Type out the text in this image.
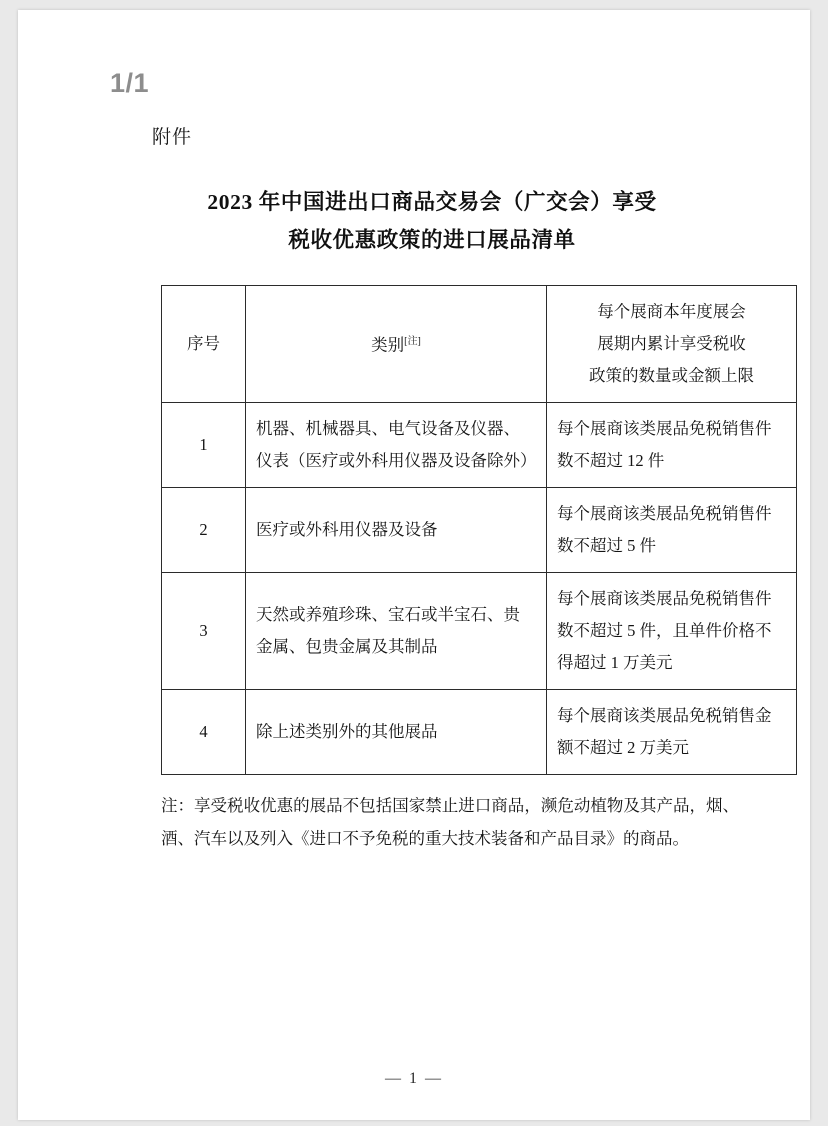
1/1
附件
2023 年中国进出口商品交易会（广交会）享受
税收优惠政策的进口展品清单
序号	类别[注]	每个展商本年度展会
展期内累计享受税收
政策的数量或金额上限

1	机器、机械器具、电气设备及仪器、仪表（医疗或外科用仪器及设备除外）	每个展商该类展品免税销售件数不超过 12 件
2	医疗或外科用仪器及设备	每个展商该类展品免税销售件数不超过 5 件
3	天然或养殖珍珠、宝石或半宝石、贵金属、包贵金属及其制品	每个展商该类展品免税销售件数不超过 5 件，且单件价格不得超过 1 万美元
4	除上述类别外的其他展品	每个展商该类展品免税销售金额不超过 2 万美元
注：享受税收优惠的展品不包括国家禁止进口商品，濒危动植物及其产品，烟、酒、汽车以及列入《进口不予免税的重大技术装备和产品目录》的商品。
— 1 —
